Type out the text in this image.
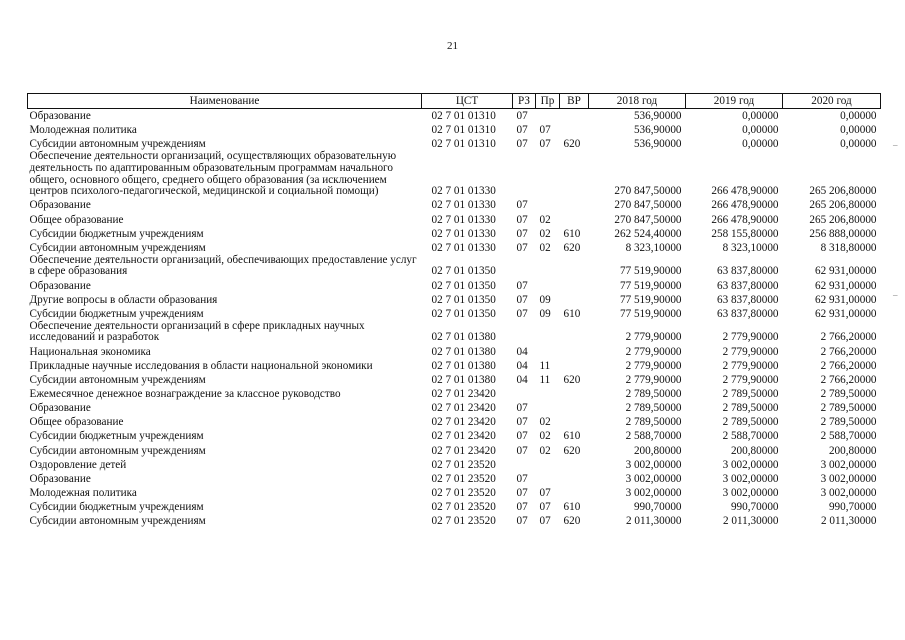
21
Наименование	ЦСТ	РЗ	Пр	ВР	2018 год	2019 год	2020 год
Образование	02 7 01 01310	07			536,90000	0,00000	0,00000
Молодежная политика	02 7 01 01310	07	07		536,90000	0,00000	0,00000
Субсидии автономным учреждениям	02 7 01 01310	07	07	620	536,90000	0,00000	0,00000
Обеспечение деятельности организаций, осуществляющих образовательную деятельность по адаптированным образовательным программам начального общего, основного общего, среднего общего образования (за исключением центров психолого-педагогической, медицинской и социальной помощи)	02 7 01 01330				270 847,50000	266 478,90000	265 206,80000
Образование	02 7 01 01330	07			270 847,50000	266 478,90000	265 206,80000
Общее образование	02 7 01 01330	07	02		270 847,50000	266 478,90000	265 206,80000
Субсидии бюджетным учреждениям	02 7 01 01330	07	02	610	262 524,40000	258 155,80000	256 888,00000
Субсидии автономным учреждениям	02 7 01 01330	07	02	620	8 323,10000	8 323,10000	8 318,80000
Обеспечение деятельности организаций, обеспечивающих предоставление услуг в сфере образования	02 7 01 01350				77 519,90000	63 837,80000	62 931,00000
Образование	02 7 01 01350	07			77 519,90000	63 837,80000	62 931,00000
Другие вопросы в области образования	02 7 01 01350	07	09		77 519,90000	63 837,80000	62 931,00000
Субсидии бюджетным учреждениям	02 7 01 01350	07	09	610	77 519,90000	63 837,80000	62 931,00000
Обеспечение деятельности организаций в сфере прикладных научных исследований и разработок	02 7 01 01380				2 779,90000	2 779,90000	2 766,20000
Национальная экономика	02 7 01 01380	04			2 779,90000	2 779,90000	2 766,20000
Прикладные научные исследования в области национальной экономики	02 7 01 01380	04	11		2 779,90000	2 779,90000	2 766,20000
Субсидии автономным учреждениям	02 7 01 01380	04	11	620	2 779,90000	2 779,90000	2 766,20000
Ежемесячное денежное вознаграждение за классное руководство	02 7 01 23420				2 789,50000	2 789,50000	2 789,50000
Образование	02 7 01 23420	07			2 789,50000	2 789,50000	2 789,50000
Общее образование	02 7 01 23420	07	02		2 789,50000	2 789,50000	2 789,50000
Субсидии бюджетным учреждениям	02 7 01 23420	07	02	610	2 588,70000	2 588,70000	2 588,70000
Субсидии автономным учреждениям	02 7 01 23420	07	02	620	200,80000	200,80000	200,80000
Оздоровление детей	02 7 01 23520				3 002,00000	3 002,00000	3 002,00000
Образование	02 7 01 23520	07			3 002,00000	3 002,00000	3 002,00000
Молодежная политика	02 7 01 23520	07	07		3 002,00000	3 002,00000	3 002,00000
Субсидии бюджетным учреждениям	02 7 01 23520	07	07	610	990,70000	990,70000	990,70000
Субсидии автономным учреждениям	02 7 01 23520	07	07	620	2 011,30000	2 011,30000	2 011,30000
–
–
